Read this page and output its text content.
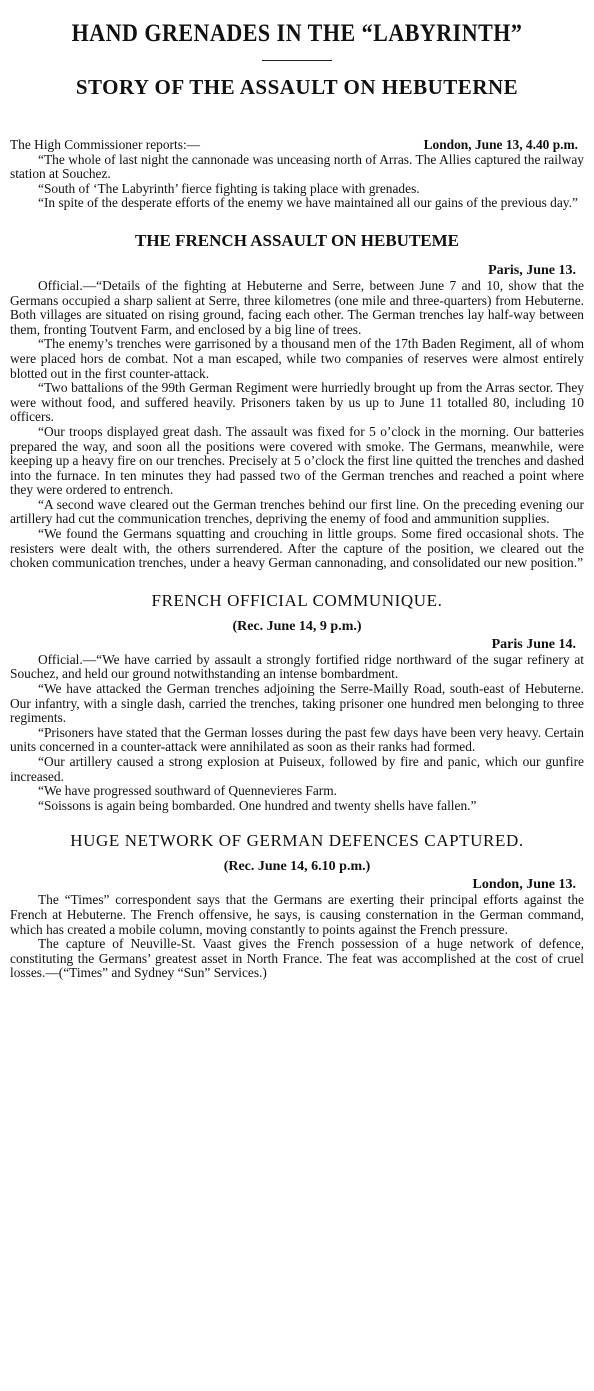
HAND GRENADES IN THE “LABYRINTH”
STORY OF THE ASSAULT ON HEBUTERNE
The High Commissioner reports:—	London, June 13, 4.40 p.m.

“The whole of last night the cannonade was unceasing north of Arras. The Allies captured the railway station at Souchez.

“South of ‘The Labyrinth’ fierce fighting is taking place with grenades.

“In spite of the desperate efforts of the enemy we have maintained all our gains of the previous day.”

THE FRENCH ASSAULT ON HEBUTEME
Paris, June 13.

Official.—“Details of the fighting at Hebuterne and Serre, between June 7 and 10, show that the Germans occupied a sharp salient at Serre, three kilometres (one mile and three-quarters) from Hebuterne. Both villages are situated on rising ground, facing each other. The German trenches lay half-way between them, fronting Toutvent Farm, and enclosed by a big line of trees.

“The enemy’s trenches were garrisoned by a thousand men of the 17th Baden Regiment, all of whom were placed hors de combat. Not a man escaped, while two companies of reserves were almost entirely blotted out in the first counter-attack.

“Two battalions of the 99th German Regiment were hurriedly brought up from the Arras sector. They were without food, and suffered heavily. Prisoners taken by us up to June 11 totalled 80, including 10 officers.

“Our troops displayed great dash. The assault was fixed for 5 o’clock in the morning. Our batteries prepared the way, and soon all the positions were covered with smoke. The Germans, meanwhile, were keeping up a heavy fire on our trenches. Precisely at 5 o’clock the first line quitted the trenches and dashed into the furnace. In ten minutes they had passed two of the German trenches and reached a point where they were ordered to entrench.

“A second wave cleared out the German trenches behind our first line. On the preceding evening our artillery had cut the communication trenches, depriving the enemy of food and ammunition supplies.

“We found the Germans squatting and crouching in little groups. Some fired occasional shots. The resisters were dealt with, the others surrendered. After the capture of the position, we cleared out the choken communication trenches, under a heavy German cannonading, and consolidated our new position.”

FRENCH OFFICIAL COMMUNIQUE.
(Rec. June 14, 9 p.m.)
Paris June 14.

Official.—“We have carried by assault a strongly fortified ridge northward of the sugar refinery at Souchez, and held our ground notwithstanding an intense bombardment.

“We have attacked the German trenches adjoining the Serre-Mailly Road, south-east of Hebuterne. Our infantry, with a single dash, carried the trenches, taking prisoner one hundred men belonging to three regiments.

“Prisoners have stated that the German losses during the past few days have been very heavy. Certain units concerned in a counter-attack were annihilated as soon as their ranks had formed.

“Our artillery caused a strong explosion at Puiseux, followed by fire and panic, which our gunfire increased.

“We have progressed southward of Quennevieres Farm.

“Soissons is again being bombarded. One hundred and twenty shells have fallen.”

HUGE NETWORK OF GERMAN DEFENCES CAPTURED.
(Rec. June 14, 6.10 p.m.)
London, June 13.

The “Times” correspondent says that the Germans are exerting their principal efforts against the French at Hebuterne. The French offensive, he says, is causing consternation in the German command, which has created a mobile column, moving constantly to points against the French pressure.

The capture of Neuville-St. Vaast gives the French possession of a huge network of defence, constituting the Germans’ greatest asset in North France. The feat was accomplished at the cost of cruel losses.—(“Times” and Sydney “Sun” Services.)
